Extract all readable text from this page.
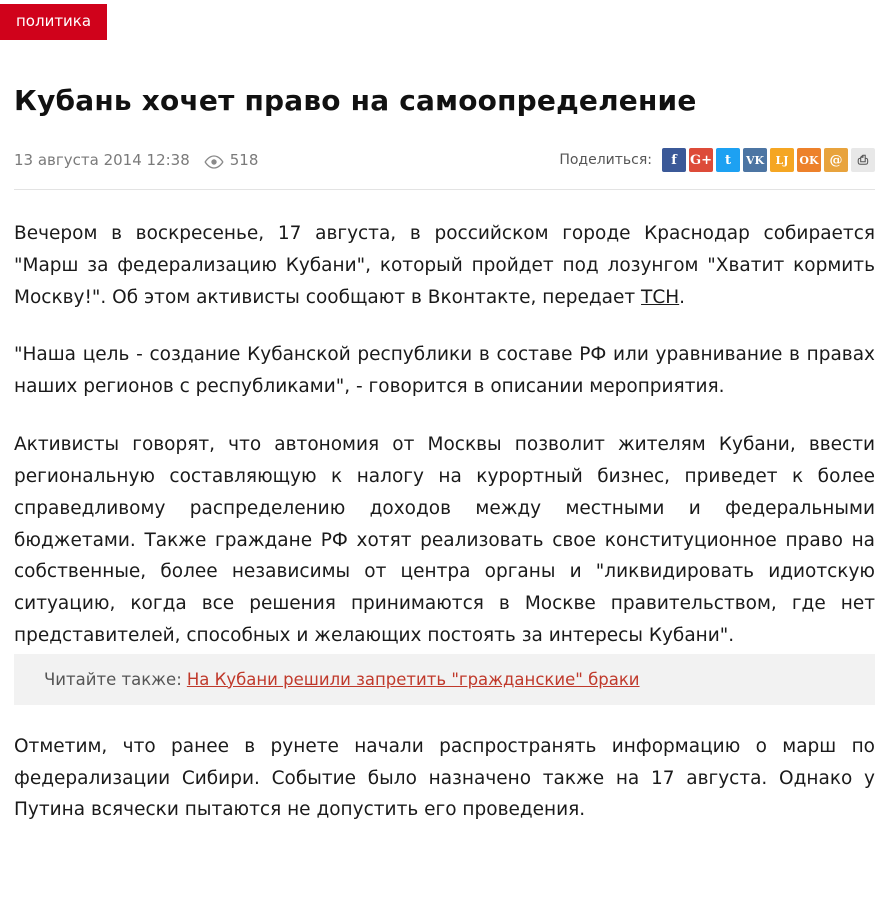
политика
Кубань хочет право на самоопределение
13 августа 2014 12:38	518	Поделиться:	f	G+ t	VK	LJ OK @	⎙

Вечером в воскресенье, 17 августа, в российском городе Краснодар собирается "Марш за федерализацию Кубани", который пройдет под лозунгом "Хватит кормить Москву!". Об этом активисты сообщают в Вконтакте, передает ТСН.

"Наша цель - создание Кубанской республики в составе РФ или уравнивание в правах наших регионов с республиками", - говорится в описании мероприятия.

Активисты говорят, что автономия от Москвы позволит жителям Кубани, ввести региональную составляющую к налогу на курортный бизнес, приведет к более справедливому распределению доходов между местными и федеральными бюджетами. Также граждане РФ хотят реализовать свое конституционное право на собственные, более независимы от центра органы и "ликвидировать идиотскую ситуацию, когда все решения принимаются в Москве правительством, где нет представителей, способных и желающих постоять за интересы Кубани".

Читайте также: На Кубани решили запретить "гражданские" браки

Отметим, что ранее в рунете начали распространять информацию о марш по федерализации Сибири. Событие было назначено также на 17 августа. Однако у Путина всячески пытаются не допустить его проведения.
